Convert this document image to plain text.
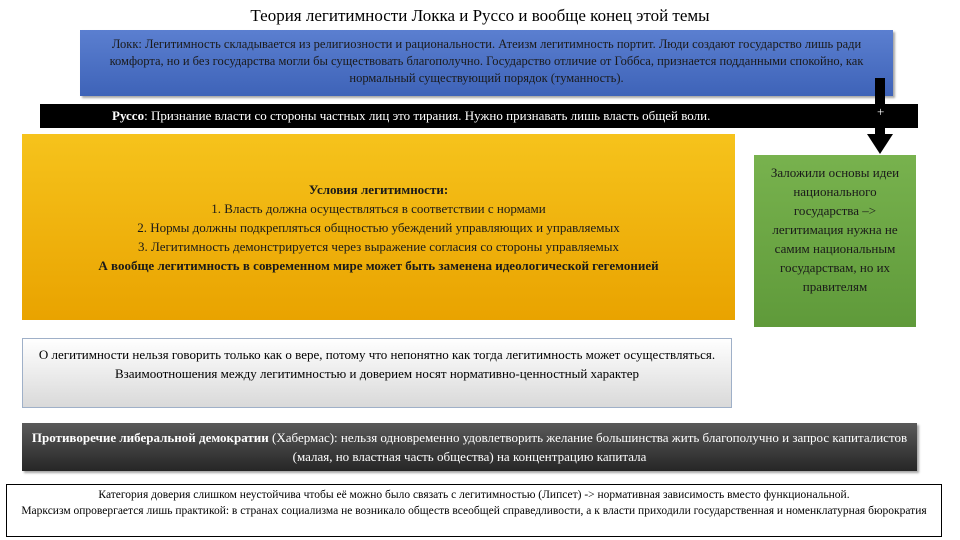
Теория легитимности Локка и Руссо и вообще конец этой темы
Локк: Легитимность складывается из религиозности и рациональности. Атеизм легитимность портит. Люди создают государство лишь ради комфорта, но и без государства могли бы существовать благополучно. Государство отличие от Гоббса, признается подданными спокойно, как нормальный существующий порядок (туманность).
Руссо: Признание власти со стороны частных лиц это тирания. Нужно признавать лишь власть общей воли.	+
Условия легитимности:
1. Власть должна осуществляться в соответствии с нормами
2. Нормы должны подкрепляться общностью убеждений управляющих и управляемых
3. Легитимность демонстрируется через выражение согласия со стороны управляемых
А вообще легитимность в современном мире может быть заменена идеологической гегемонией
Заложили основы идеи национального государства –> легитимация нужна не самим национальным государствам, но их правителям
О легитимности нельзя говорить только как о вере, потому что непонятно как тогда легитимность может осуществляться.
Взаимоотношения между легитимностью и доверием носят нормативно-ценностный характер
Противоречие либеральной демократии (Хабермас): нельзя одновременно удовлетворить желание большинства жить благополучно и запрос капиталистов (малая, но властная часть общества) на концентрацию капитала
Категория доверия слишком неустойчива чтобы её можно было связать с легитимностью (Липсет) -> нормативная зависимость вместо функциональной.
Марксизм опровергается лишь практикой: в странах социализма не возникало обществ всеобщей справедливости, а к власти приходили государственная и номенклатурная бюрократия
